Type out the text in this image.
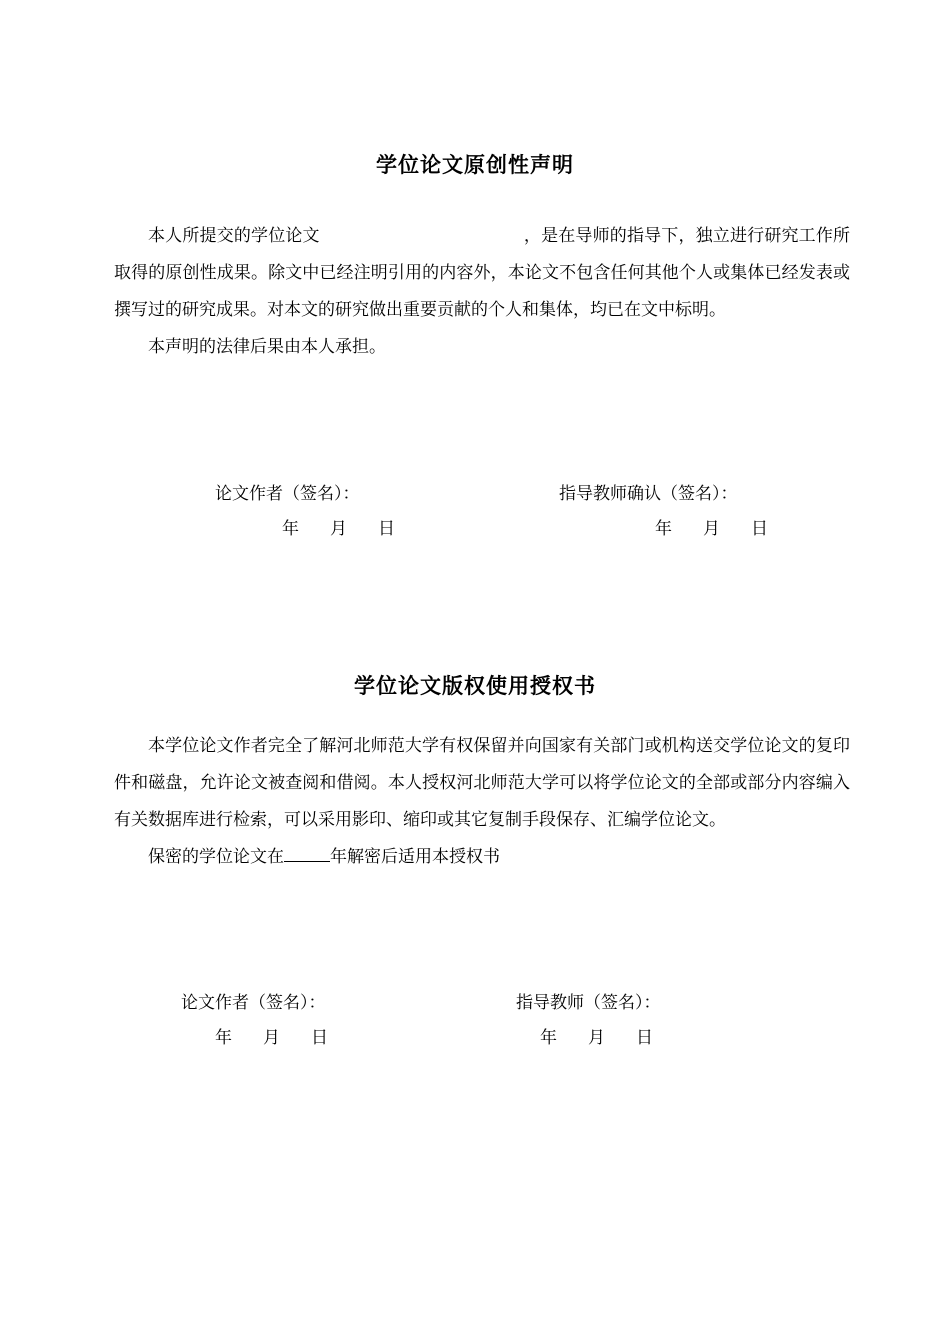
学位论文原创性声明

本人所提交的学位论文	，是在导师的指导下，独立进行研究工作所取得的原创性成果。除文中已经注明引用的内容外，本论文不包含任何其他个人或集体已经发表或撰写过的研究成果。对本文的研究做出重要贡献的个人和集体，均已在文中标明。

本声明的法律后果由本人承担。

论文作者（签名）：	指导教师确认（签名）：
年 月 日	年 月 日
学位论文版权使用授权书

本学位论文作者完全了解河北师范大学有权保留并向国家有关部门或机构送交学位论文的复印件和磁盘，允许论文被查阅和借阅。本人授权河北师范大学可以将学位论文的全部或部分内容编入有关数据库进行检索，可以采用影印、缩印或其它复制手段保存、汇编学位论文。

保密的学位论文在	年解密后适用本授权书

论文作者（签名）：	指导教师（签名）：
年 月 日	年 月 日
